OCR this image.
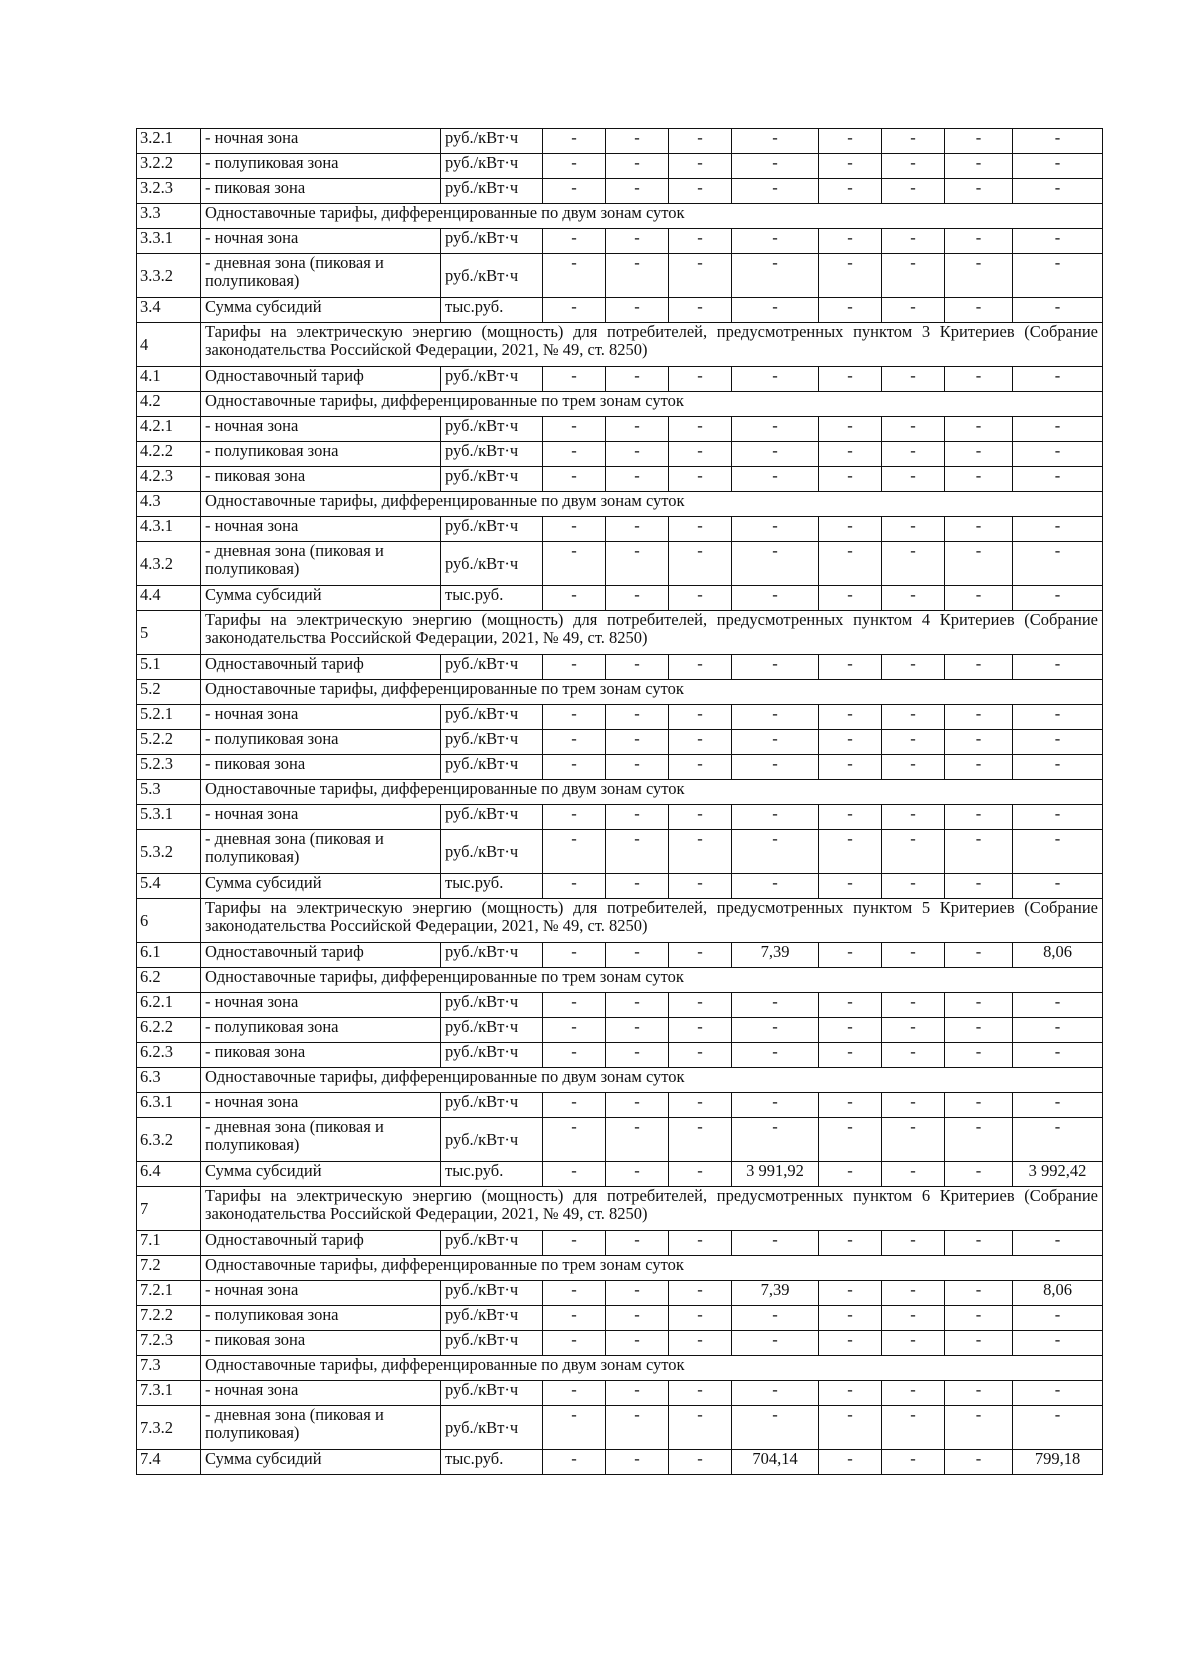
3.2.1	- ночная зона	руб./кВт·ч	-	-	-	-	-	-	-	-
3.2.2	- полупиковая зона	руб./кВт·ч	-	-	-	-	-	-	-	-
3.2.3	- пиковая зона	руб./кВт·ч	-	-	-	-	-	-	-	-
3.3	Одноставочные тарифы, дифференцированные по двум зонам суток									
3.3.1	- ночная зона	руб./кВт·ч	-	-	-	-	-	-	-	-
3.3.2	- дневная зона (пиковая и полупиковая)	руб./кВт·ч	-	-	-	-	-	-	-	-
3.4	Сумма субсидий	тыс.руб.	-	-	-	-	-	-	-	-
4	Тарифы на электрическую энергию (мощность) для потребителей, предусмотренных пунктом 3 Критериев (Собрание законодательства Российской Федерации, 2021, № 49, ст. 8250)									
4.1	Одноставочный тариф	руб./кВт·ч	-	-	-	-	-	-	-	-
4.2	Одноставочные тарифы, дифференцированные по трем зонам суток									
4.2.1	- ночная зона	руб./кВт·ч	-	-	-	-	-	-	-	-
4.2.2	- полупиковая зона	руб./кВт·ч	-	-	-	-	-	-	-	-
4.2.3	- пиковая зона	руб./кВт·ч	-	-	-	-	-	-	-	-
4.3	Одноставочные тарифы, дифференцированные по двум зонам суток									
4.3.1	- ночная зона	руб./кВт·ч	-	-	-	-	-	-	-	-
4.3.2	- дневная зона (пиковая и полупиковая)	руб./кВт·ч	-	-	-	-	-	-	-	-
4.4	Сумма субсидий	тыс.руб.	-	-	-	-	-	-	-	-
5	Тарифы на электрическую энергию (мощность) для потребителей, предусмотренных пунктом 4 Критериев (Собрание законодательства Российской Федерации, 2021, № 49, ст. 8250)									
5.1	Одноставочный тариф	руб./кВт·ч	-	-	-	-	-	-	-	-
5.2	Одноставочные тарифы, дифференцированные по трем зонам суток									
5.2.1	- ночная зона	руб./кВт·ч	-	-	-	-	-	-	-	-
5.2.2	- полупиковая зона	руб./кВт·ч	-	-	-	-	-	-	-	-
5.2.3	- пиковая зона	руб./кВт·ч	-	-	-	-	-	-	-	-
5.3	Одноставочные тарифы, дифференцированные по двум зонам суток									
5.3.1	- ночная зона	руб./кВт·ч	-	-	-	-	-	-	-	-
5.3.2	- дневная зона (пиковая и полупиковая)	руб./кВт·ч	-	-	-	-	-	-	-	-
5.4	Сумма субсидий	тыс.руб.	-	-	-	-	-	-	-	-
6	Тарифы на электрическую энергию (мощность) для потребителей, предусмотренных пунктом 5 Критериев (Собрание законодательства Российской Федерации, 2021, № 49, ст. 8250)									
6.1	Одноставочный тариф	руб./кВт·ч	-	-	-	7,39	-	-	-	8,06
6.2	Одноставочные тарифы, дифференцированные по трем зонам суток									
6.2.1	- ночная зона	руб./кВт·ч	-	-	-	-	-	-	-	-
6.2.2	- полупиковая зона	руб./кВт·ч	-	-	-	-	-	-	-	-
6.2.3	- пиковая зона	руб./кВт·ч	-	-	-	-	-	-	-	-
6.3	Одноставочные тарифы, дифференцированные по двум зонам суток									
6.3.1	- ночная зона	руб./кВт·ч	-	-	-	-	-	-	-	-
6.3.2	- дневная зона (пиковая и полупиковая)	руб./кВт·ч	-	-	-	-	-	-	-	-
6.4	Сумма субсидий	тыс.руб.	-	-	-	3 991,92	-	-	-	3 992,42
7	Тарифы на электрическую энергию (мощность) для потребителей, предусмотренных пунктом 6 Критериев (Собрание законодательства Российской Федерации, 2021, № 49, ст. 8250)									
7.1	Одноставочный тариф	руб./кВт·ч	-	-	-	-	-	-	-	-
7.2	Одноставочные тарифы, дифференцированные по трем зонам суток									
7.2.1	- ночная зона	руб./кВт·ч	-	-	-	7,39	-	-	-	8,06
7.2.2	- полупиковая зона	руб./кВт·ч	-	-	-	-	-	-	-	-
7.2.3	- пиковая зона	руб./кВт·ч	-	-	-	-	-	-	-	-
7.3	Одноставочные тарифы, дифференцированные по двум зонам суток									
7.3.1	- ночная зона	руб./кВт·ч	-	-	-	-	-	-	-	-
7.3.2	- дневная зона (пиковая и полупиковая)	руб./кВт·ч	-	-	-	-	-	-	-	-
7.4	Сумма субсидий	тыс.руб.	-	-	-	704,14	-	-	-	799,18
